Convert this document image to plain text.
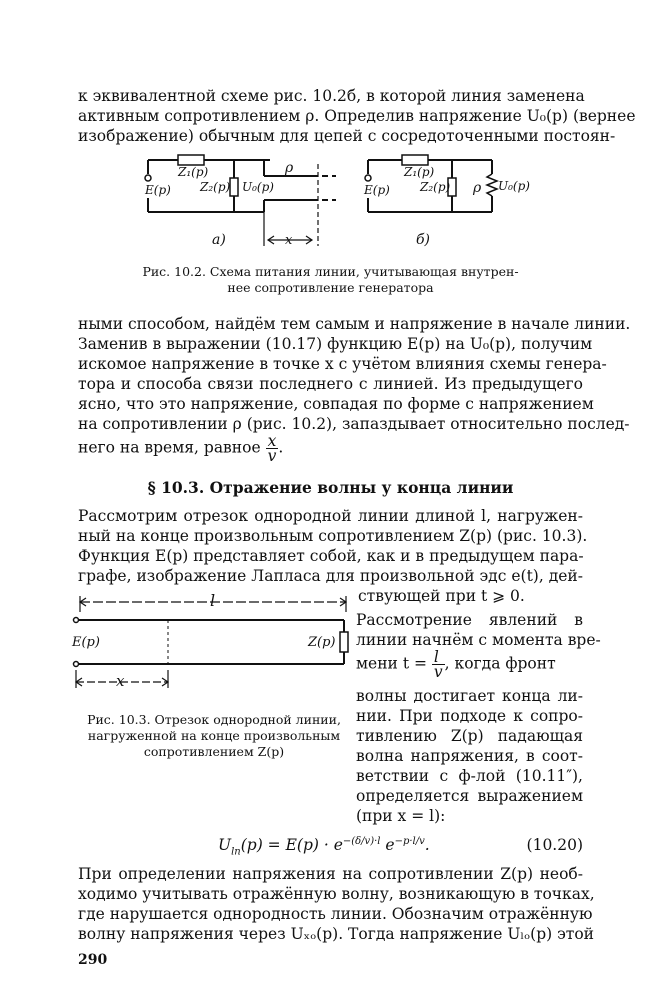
к эквивалентной схеме рис. 10.2б, в которой линия заменена
активным сопротивлением ρ. Определив напряжение U₀(p) (вернее
изображение) обычным для цепей с сосредоточенными постоян-
Z₁(p)
E(p) Z₂(p) U₀(p)
ρ
x
а)
Z₁(p)
E(p)	Z₂(p) ρ U₀(p)
б)
Рис. 10.2. Схема питания линии, учитывающая внутрен-
нее сопротивление генератора
ными способом, найдём тем самым и напряжение в начале линии.
Заменив в выражении (10.17) функцию E(p) на U₀(p), получим
искомое напряжение в точке x с учётом влияния схемы генера-
тора и способа связи последнего с линией. Из предыдущего
ясно, что это напряжение, совпадая по форме с напряжением
на сопротивлении ρ (рис. 10.2), запаздывает относительно послед-
него на время, равное $\frac{x}{v}$ .
§ 10.3. Отражение волны у конца линии
Рассмотрим отрезок однородной линии длиной l, нагружен-
ный на конце произвольным сопротивлением Z(p) (рис. 10.3).
Функция E(p) представляет собой, как и в предыдущем пара-
графе, изображение Лапласа для произвольной эдс e(t), дей-
ствующей при t ⩾ 0.
l
E(p)	Z(p)
x
Рис. 10.3. Отрезок однородной линии,
нагруженной на конце произвольным
сопротивлением Z(p)
Рассмотрение явлений в
линии начнём с момента вре-
мени $t = \frac{l}{v}$ , когда фронт
волны достигает конца ли-
нии. При подходе к сопро-
тивлению Z(p) падающая
волна напряжения, в соот-
ветствии с ф-лой (10.11″),
определяется выражением
(при x = l):
$U_{lп}(p) = E(p) \cdot e^{-(\delta/v)\cdot l}$ $e^{-p\cdot l/v}$.	(10.20)
При определении напряжения на сопротивлении Z(p) необ-
ходимо учитывать отражённую волну, возникающую в точках,
где нарушается однородность линии. Обозначим отражённую
волну напряжения через Uₓₒ(p). Тогда напряжение Uₗₒ(p) этой
290
